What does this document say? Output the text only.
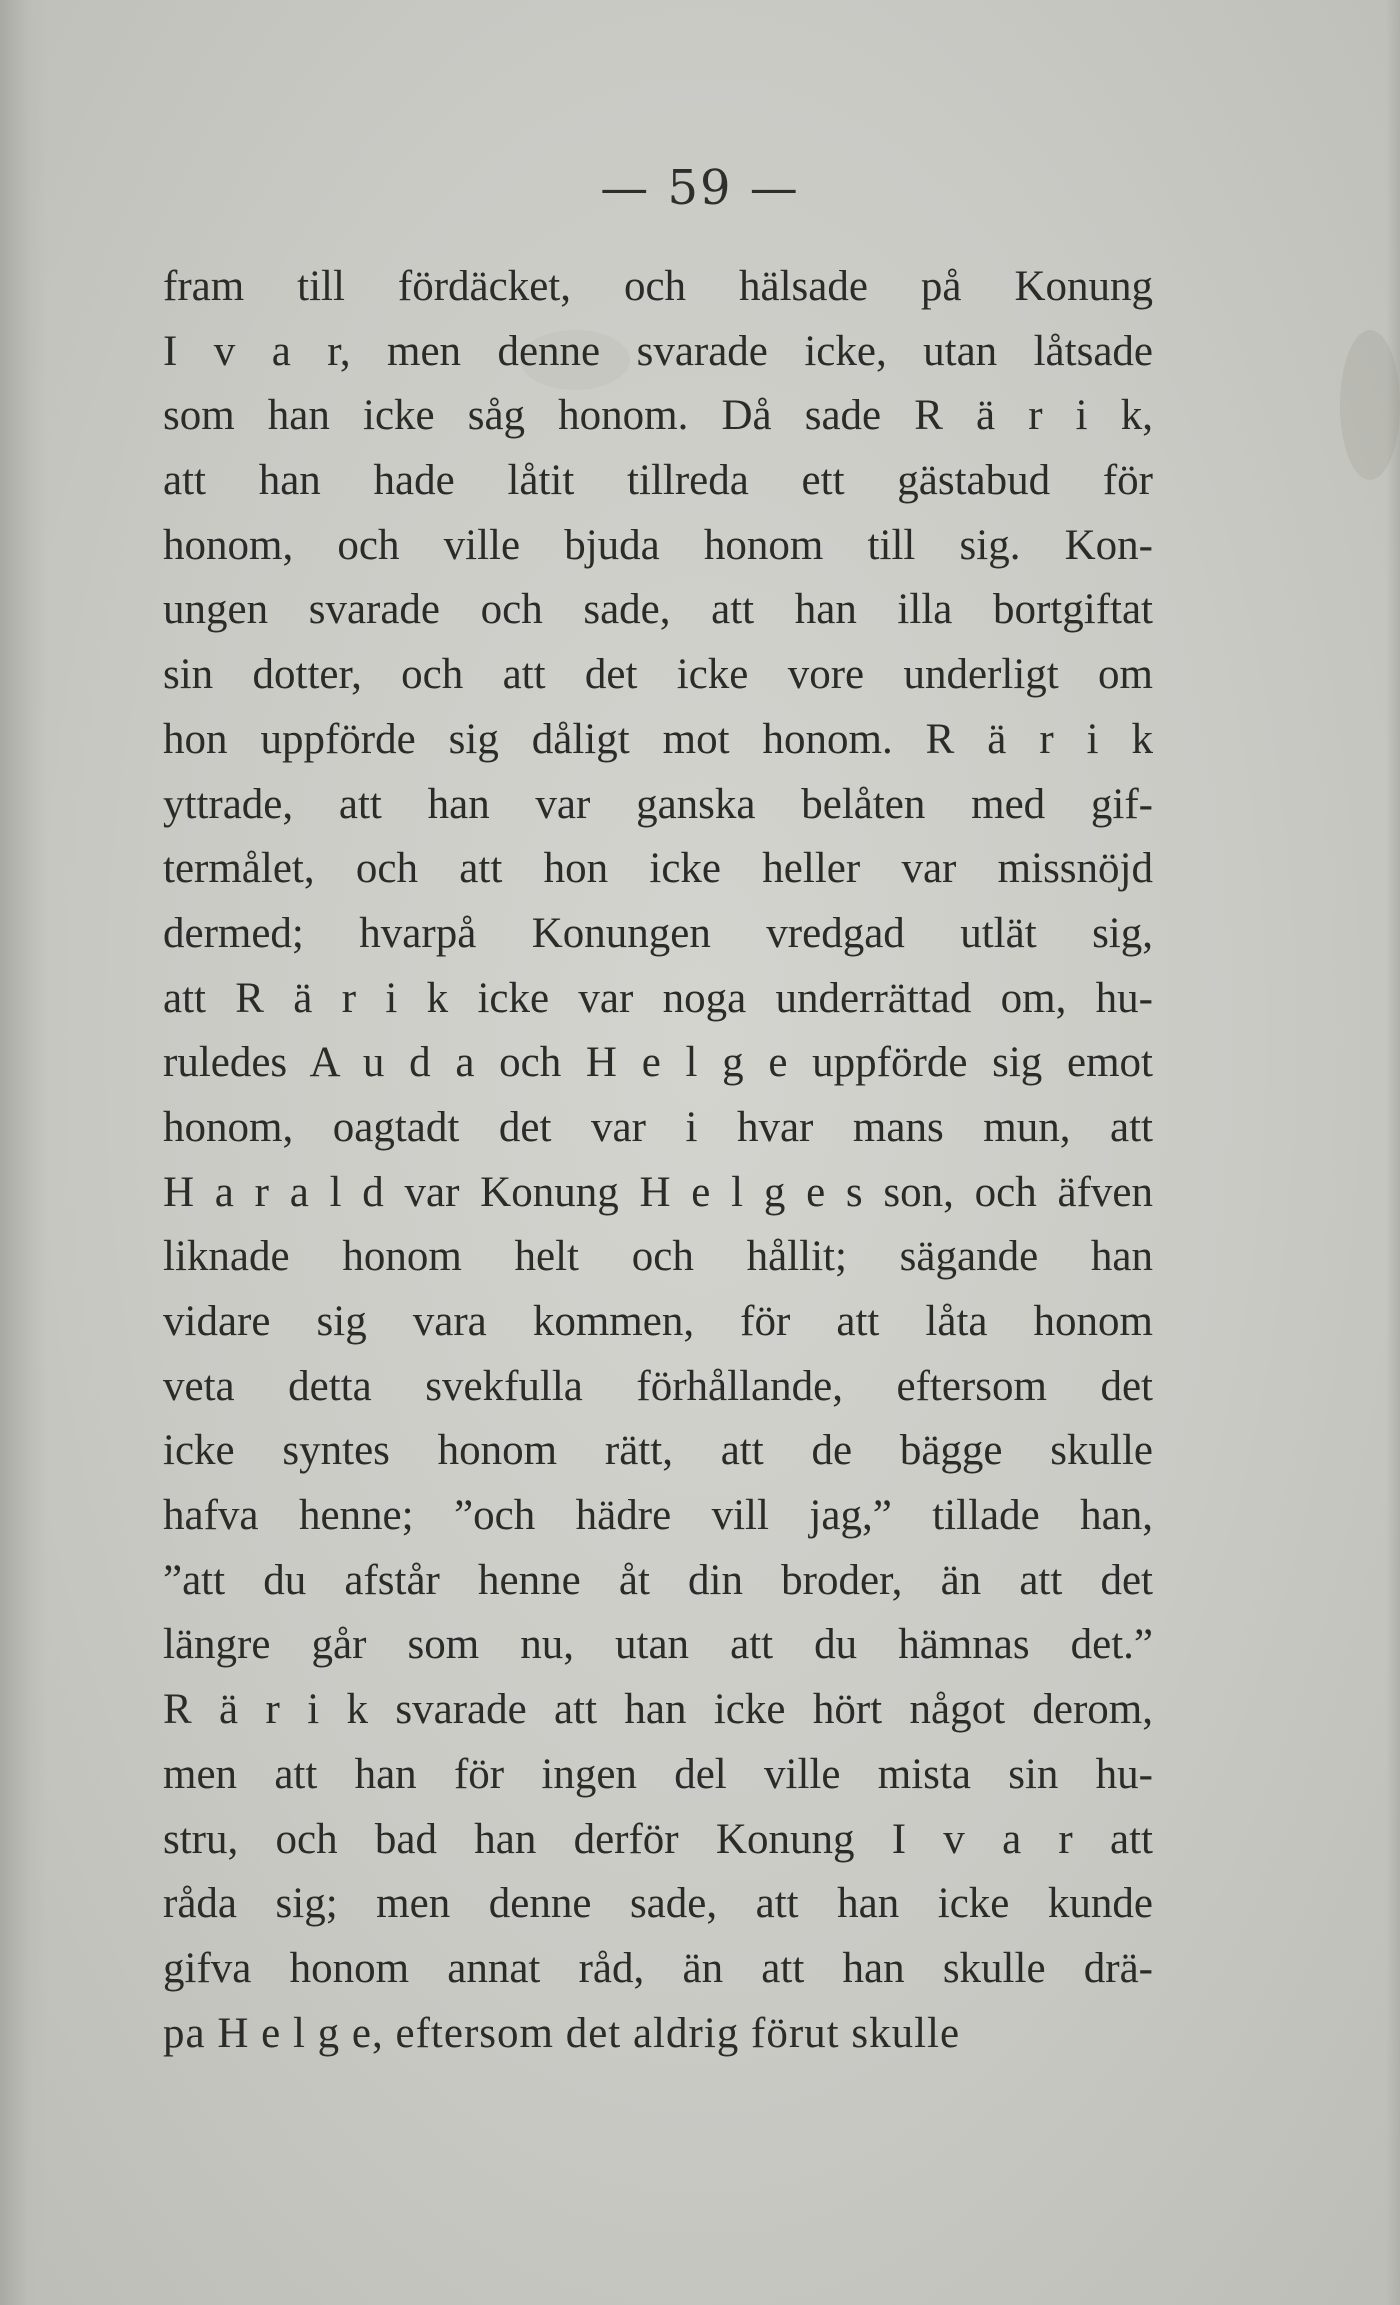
— 59 —
fram till fördäcket, och hälsade på Konung
I v a r, men denne svarade icke, utan låtsade
som han icke såg honom. Då sade R ä r i k,
att han hade låtit tillreda ett gästabud för
honom, och ville bjuda honom till sig. Kon-
ungen svarade och sade, att han illa bortgiftat
sin dotter, och att det icke vore underligt om
hon uppförde sig dåligt mot honom. R ä r i k
yttrade, att han var ganska belåten med gif-
termålet, och att hon icke heller var missnöjd
dermed; hvarpå Konungen vredgad utlät sig,
att R ä r i k icke var noga underrättad om, hu-
ruledes A u d a och H e l g e uppförde sig emot
honom, oagtadt det var i hvar mans mun, att
H a r a l d var Konung H e l g e s son, och äfven
liknade honom helt och hållit; sägande han
vidare sig vara kommen, för att låta honom
veta detta svekfulla förhållande, eftersom det
icke syntes honom rätt, att de bägge skulle
hafva henne; ”och hädre vill jag,” tillade han,
”att du afstår henne åt din broder, än att det
längre går som nu, utan att du hämnas det.”
R ä r i k svarade att han icke hört något derom,
men att han för ingen del ville mista sin hu-
stru, och bad han derför Konung I v a r att
råda sig; men denne sade, att han icke kunde
gifva honom annat råd, än att han skulle drä-
pa H e l g e, eftersom det aldrig förut skulle
